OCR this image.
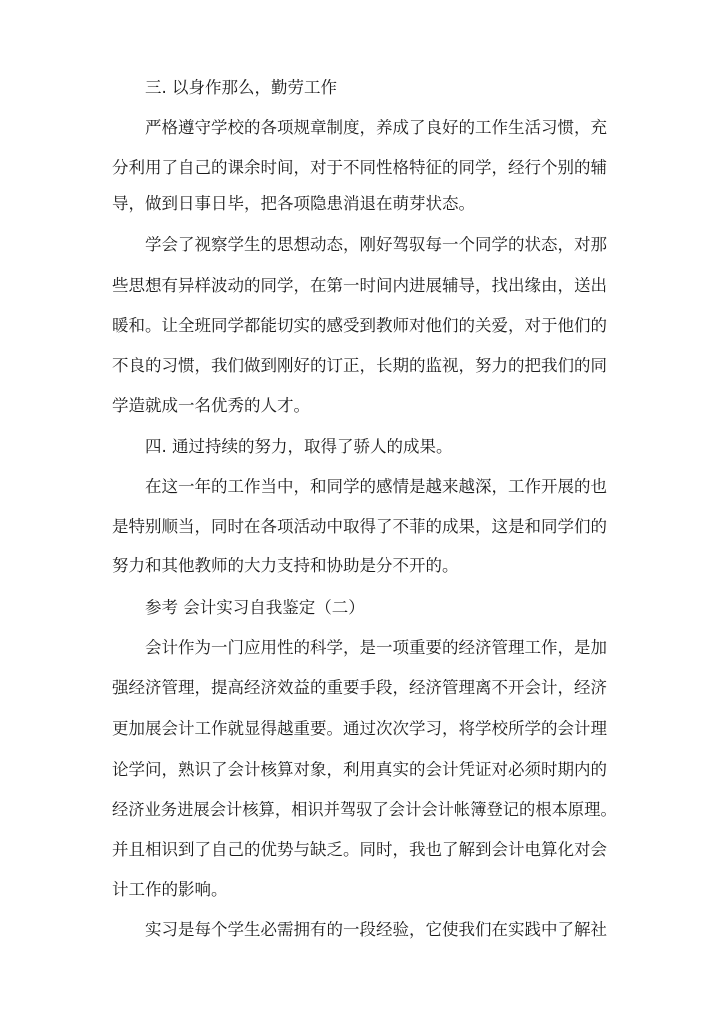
三. 以身作那么，勤劳工作
严格遵守学校的各项规章制度，养成了良好的工作生活习惯，充
分利用了自己的课余时间，对于不同性格特征的同学，经行个别的辅
导，做到日事日毕，把各项隐患消退在萌芽状态。
学会了视察学生的思想动态，刚好驾驭每一个同学的状态，对那
些思想有异样波动的同学，在第一时间内进展辅导，找出缘由，送出
暖和。让全班同学都能切实的感受到教师对他们的关爱，对于他们的
不良的习惯，我们做到刚好的订正，长期的监视，努力的把我们的同
学造就成一名优秀的人才。
四. 通过持续的努力，取得了骄人的成果。
在这一年的工作当中，和同学的感情是越来越深，工作开展的也
是特别顺当，同时在各项活动中取得了不菲的成果，这是和同学们的
努力和其他教师的大力支持和协助是分不开的。
参考 会计实习自我鉴定（二）
会计作为一门应用性的科学，是一项重要的经济管理工作，是加
强经济管理，提高经济效益的重要手段，经济管理离不开会计，经济
更加展会计工作就显得越重要。通过次次学习，将学校所学的会计理
论学问，熟识了会计核算对象，利用真实的会计凭证对必须时期内的
经济业务进展会计核算，相识并驾驭了会计会计帐簿登记的根本原理。
并且相识到了自己的优势与缺乏。同时，我也了解到会计电算化对会
计工作的影响。
实习是每个学生必需拥有的一段经验，它使我们在实践中了解社
